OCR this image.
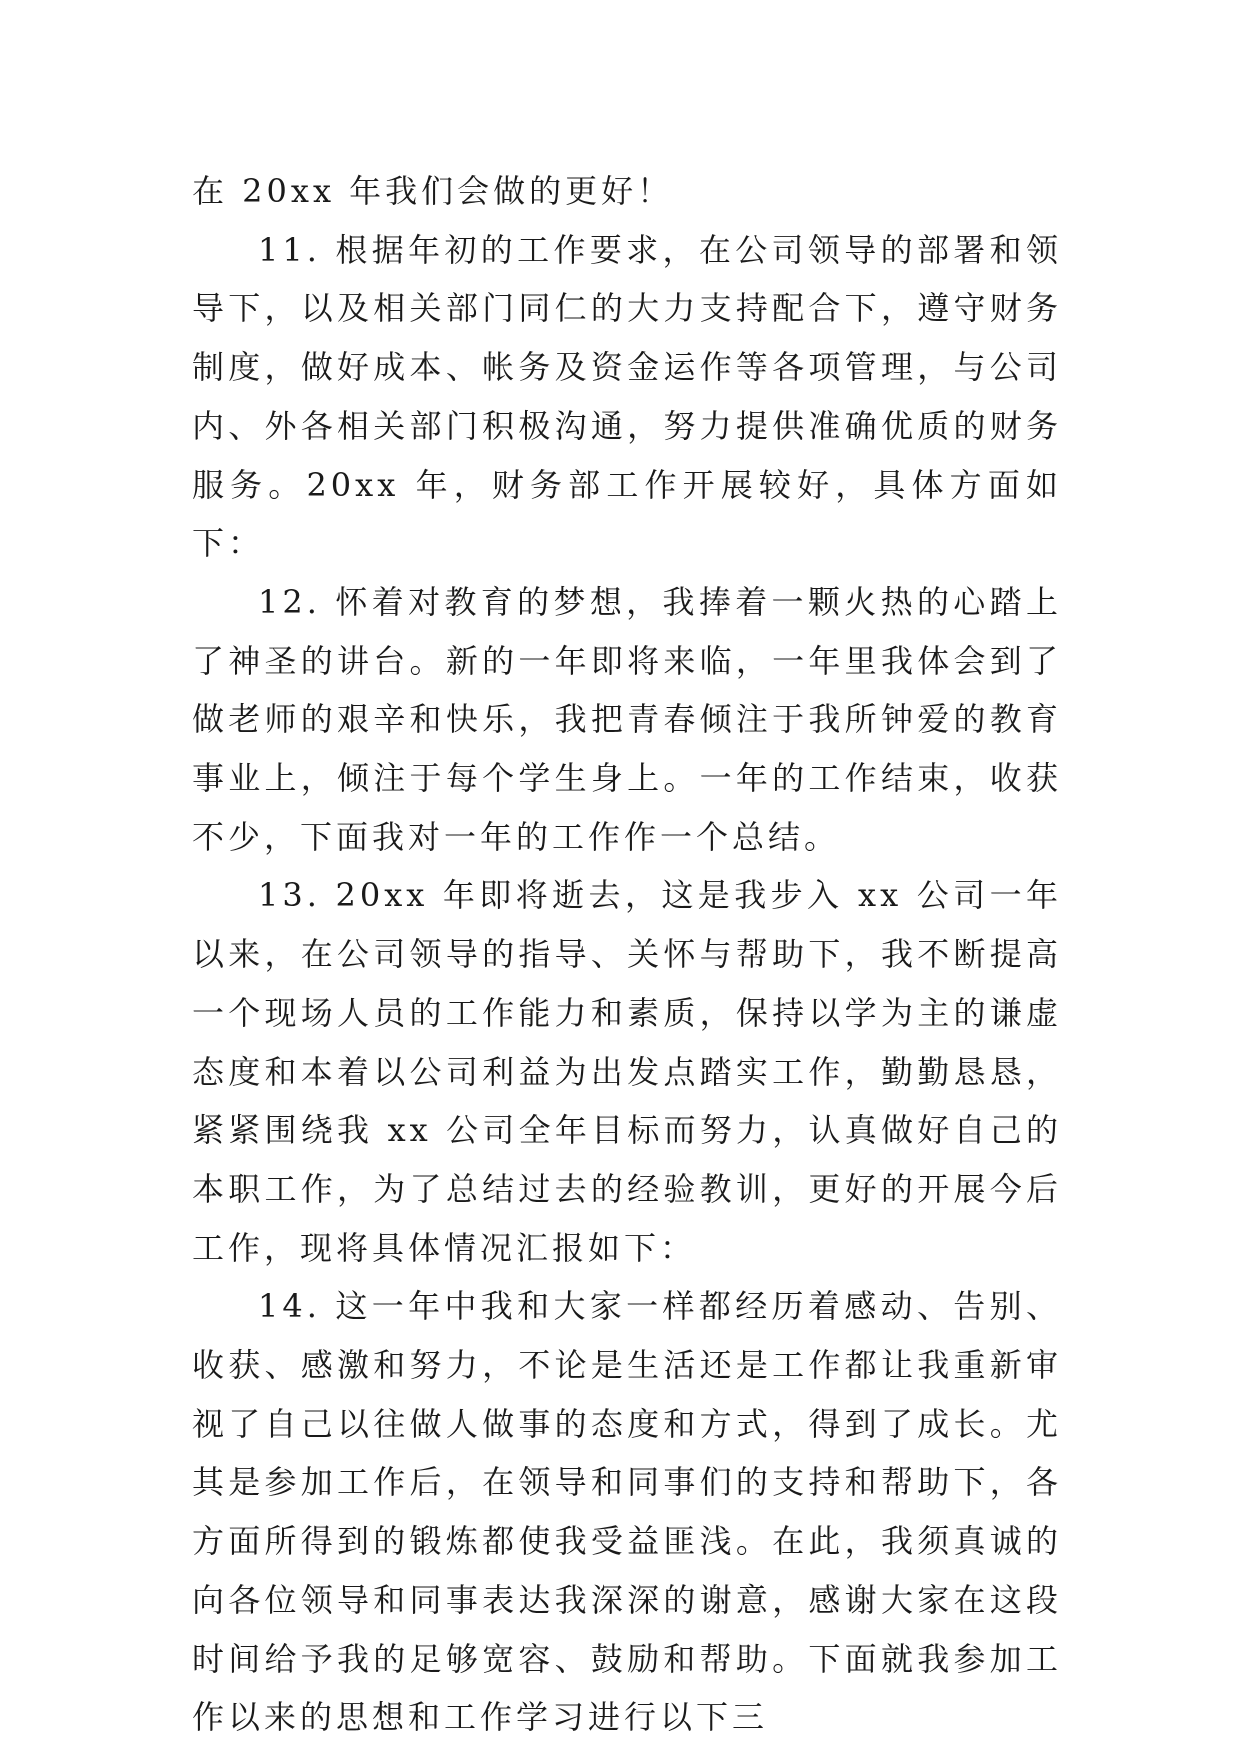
在 20xx 年我们会做的更好！

11. 根据年初的工作要求，在公司领导的部署和领导下，以及相关部门同仁的大力支持配合下，遵守财务制度，做好成本、帐务及资金运作等各项管理，与公司内、外各相关部门积极沟通，努力提供准确优质的财务服务。20xx 年，财务部工作开展较好，具体方面如下：

12. 怀着对教育的梦想，我捧着一颗火热的心踏上了神圣的讲台。新的一年即将来临，一年里我体会到了做老师的艰辛和快乐，我把青春倾注于我所钟爱的教育事业上，倾注于每个学生身上。一年的工作结束，收获不少，下面我对一年的工作作一个总结。

13. 20xx 年即将逝去，这是我步入 xx 公司一年以来，在公司领导的指导、关怀与帮助下，我不断提高一个现场人员的工作能力和素质，保持以学为主的谦虚态度和本着以公司利益为出发点踏实工作，勤勤恳恳，紧紧围绕我 xx 公司全年目标而努力，认真做好自己的本职工作，为了总结过去的经验教训，更好的开展今后工作，现将具体情况汇报如下：

14. 这一年中我和大家一样都经历着感动、告别、收获、感激和努力，不论是生活还是工作都让我重新审视了自己以往做人做事的态度和方式，得到了成长。尤其是参加工作后，在领导和同事们的支持和帮助下，各方面所得到的锻炼都使我受益匪浅。在此，我须真诚的向各位领导和同事表达我深深的谢意，感谢大家在这段时间给予我的足够宽容、鼓励和帮助。下面就我参加工作以来的思想和工作学习进行以下三
